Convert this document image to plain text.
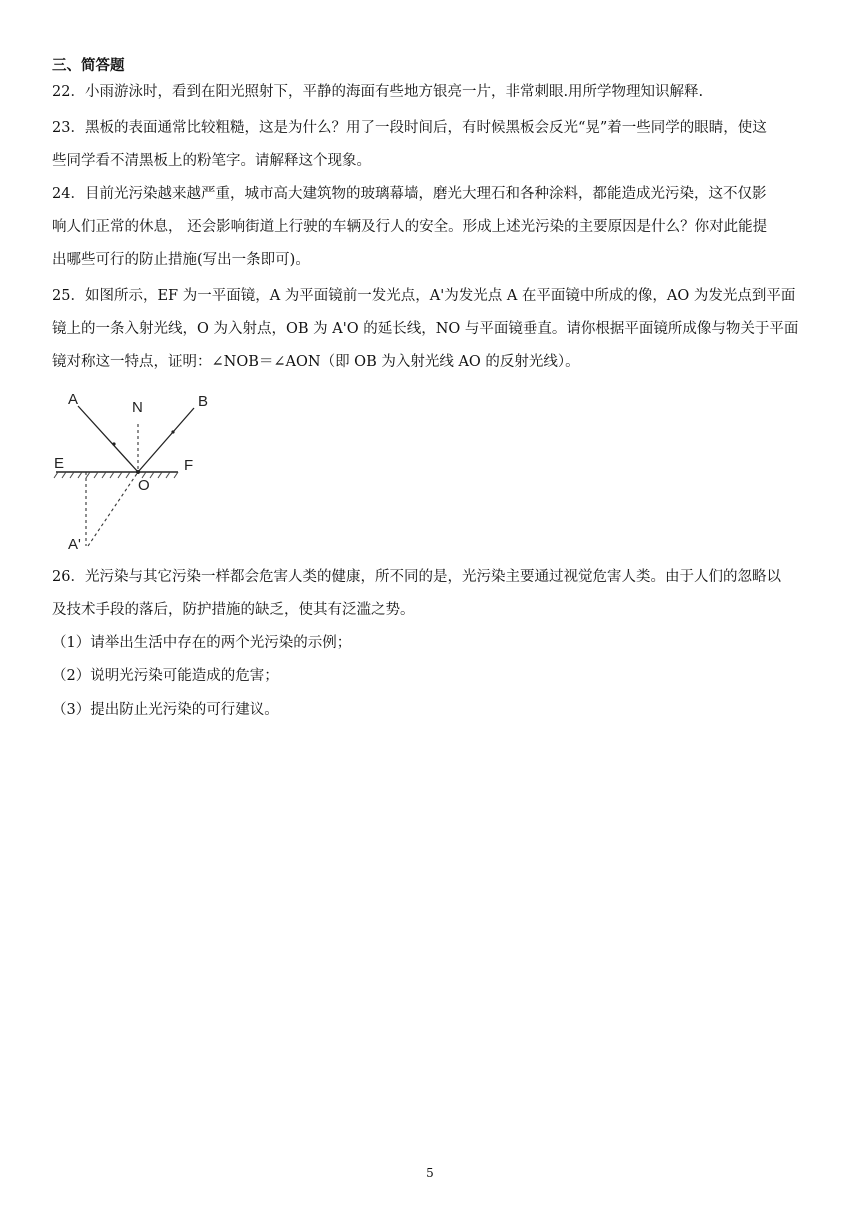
三、简答题
22．小雨游泳时，看到在阳光照射下，平静的海面有些地方银亮一片，非常刺眼.用所学物理知识解释.
23．黑板的表面通常比较粗糙，这是为什么？用了一段时间后，有时候黑板会反光“晃”着一些同学的眼睛，使这
些同学看不清黑板上的粉笔字。请解释这个现象。
24．目前光污染越来越严重，城市高大建筑物的玻璃幕墙，磨光大理石和各种涂料，都能造成光污染，这不仅影
响人们正常的休息， 还会影响街道上行驶的车辆及行人的安全。形成上述光污染的主要原因是什么？你对此能提
出哪些可行的防止措施(写出一条即可)。
25．如图所示，EF 为一平面镜，A 为平面镜前一发光点，A'为发光点 A 在平面镜中所成的像，AO 为发光点到平面
镜上的一条入射光线，O 为入射点，OB 为 A'O 的延长线，NO 与平面镜垂直。请你根据平面镜所成像与物关于平面
镜对称这一特点，证明：∠NOB＝∠AON（即 OB 为入射光线 AO 的反射光线）。
A	N	B
E	F
O
A'
26．光污染与其它污染一样都会危害人类的健康，所不同的是，光污染主要通过视觉危害人类。由于人们的忽略以
及技术手段的落后，防护措施的缺乏，使其有泛滥之势。
（1）请举出生活中存在的两个光污染的示例；
（2）说明光污染可能造成的危害；
（3）提出防止光污染的可行建议。
5
